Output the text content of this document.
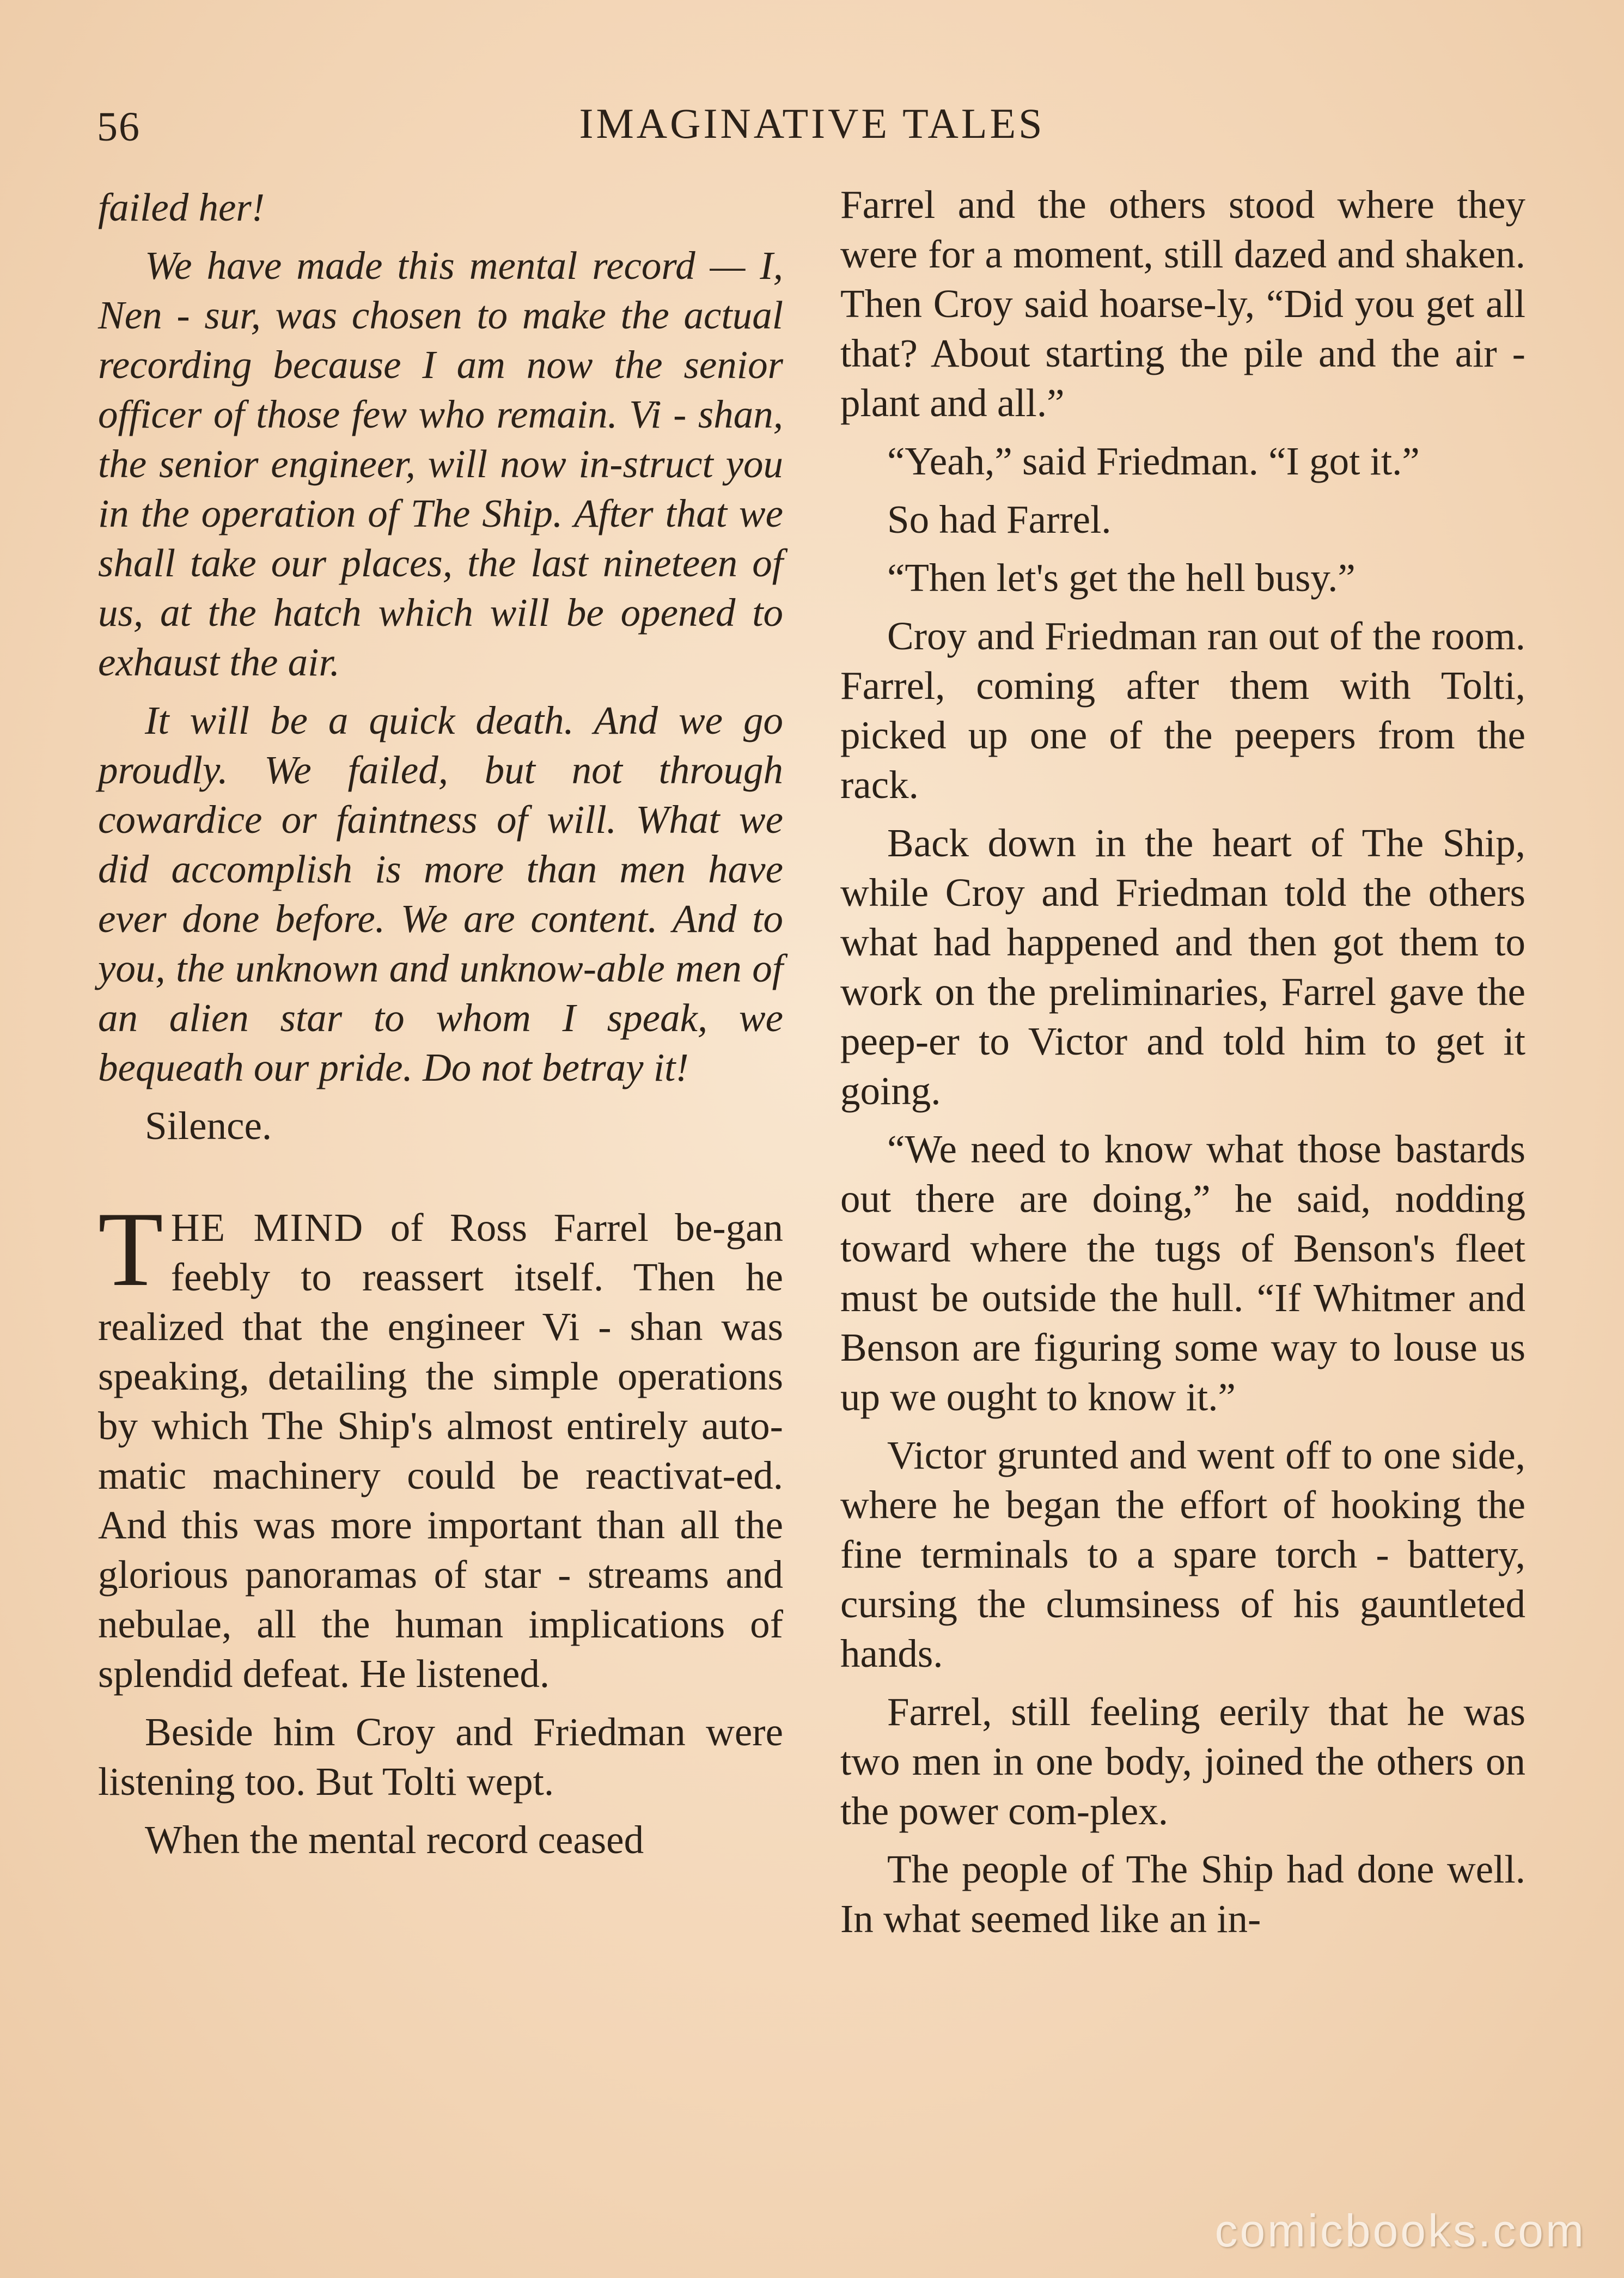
56	IMAGINATIVE TALES

failed her!

We have made this mental record — I, Nen - sur, was chosen to make the actual recording because I am now the senior officer of those few who remain. Vi - shan, the senior engineer, will now in-struct you in the operation of The Ship. After that we shall take our places, the last nineteen of us, at the hatch which will be opened to exhaust the air.

It will be a quick death. And we go proudly. We failed, but not through cowardice or faintness of will. What we did accomplish is more than men have ever done before. We are content. And to you, the unknown and unknow-able men of an alien star to whom I speak, we bequeath our pride. Do not betray it!

Silence.

THE MIND of Ross Farrel be-gan feebly to reassert itself. Then he realized that the engineer Vi - shan was speaking, detailing the simple operations by which The Ship's almost entirely auto-matic machinery could be reactivat-ed. And this was more important than all the glorious panoramas of star - streams and nebulae, all the human implications of splendid defeat. He listened.

Beside him Croy and Friedman were listening too. But Tolti wept.

When the mental record ceased

Farrel and the others stood where they were for a moment, still dazed and shaken. Then Croy said hoarse-ly, “Did you get all that? About starting the pile and the air - plant and all.”

“Yeah,” said Friedman. “I got it.”

So had Farrel.

“Then let's get the hell busy.”

Croy and Friedman ran out of the room. Farrel, coming after them with Tolti, picked up one of the peepers from the rack.

Back down in the heart of The Ship, while Croy and Friedman told the others what had happened and then got them to work on the preliminaries, Farrel gave the peep-er to Victor and told him to get it going.

“We need to know what those bastards out there are doing,” he said, nodding toward where the tugs of Benson's fleet must be outside the hull. “If Whitmer and Benson are figuring some way to louse us up we ought to know it.”

Victor grunted and went off to one side, where he began the effort of hooking the fine terminals to a spare torch - battery, cursing the clumsiness of his gauntleted hands.

Farrel, still feeling eerily that he was two men in one body, joined the others on the power com-plex.

The people of The Ship had done well. In what seemed like an in-

comicbooks.com
